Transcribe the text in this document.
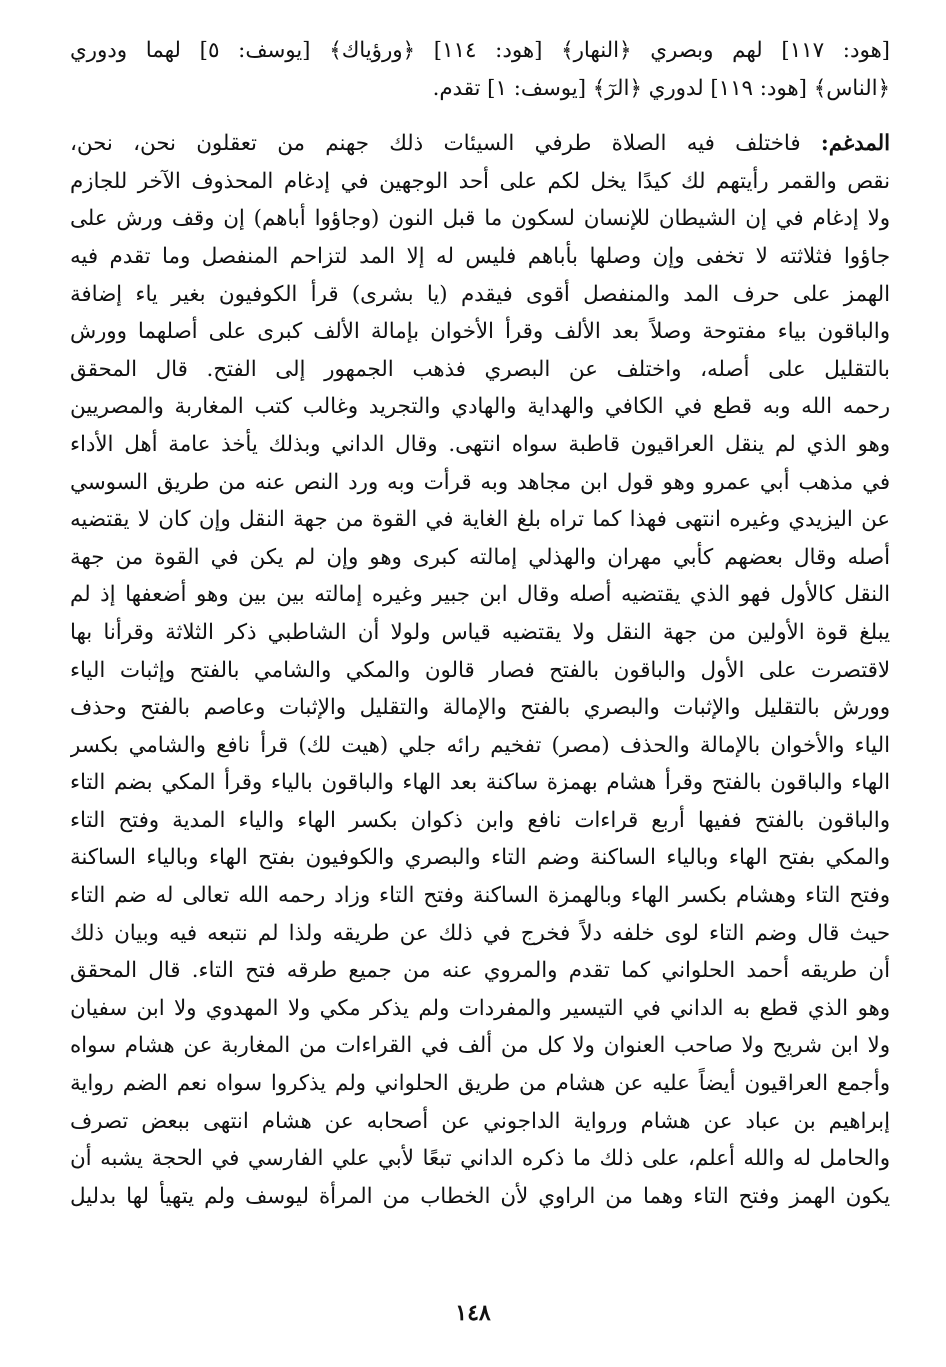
[هود: ١١٧] لهم وبصري ﴿النهار﴾ [هود: ١١٤] ﴿ورؤياك﴾ [يوسف: ٥] لهما ودوري
﴿الناس﴾ [هود: ١١٩] لدوري ﴿الرٓ﴾ [يوسف: ١] تقدم.
المدغم: فاختلف فيه الصلاة طرفي السيئات ذلك جهنم من تعقلون نحن، نحن،
نقص والقمر رأيتهم لك كيدًا يخل لكم على أحد الوجهين في إدغام المحذوف الآخر للجازم
ولا إدغام في إن الشيطان للإنسان لسكون ما قبل النون (وجاؤوا أباهم) إن وقف ورش على
جاؤوا فثلاثته لا تخفى وإن وصلها بأباهم فليس له إلا المد لتزاحم المنفصل وما تقدم فيه
الهمز على حرف المد والمنفصل أقوى فيقدم (يا بشرى) قرأ الكوفيون بغير ياء إضافة
والباقون بياء مفتوحة وصلاً بعد الألف وقرأ الأخوان بإمالة الألف كبرى على أصلهما وورش
بالتقليل على أصله، واختلف عن البصري فذهب الجمهور إلى الفتح. قال المحقق
رحمه الله وبه قطع في الكافي والهداية والهادي والتجريد وغالب كتب المغاربة والمصريين
وهو الذي لم ينقل العراقيون قاطبة سواه انتهى. وقال الداني وبذلك يأخذ عامة أهل الأداء
في مذهب أبي عمرو وهو قول ابن مجاهد وبه قرأت وبه ورد النص عنه من طريق السوسي
عن اليزيدي وغيره انتهى فهذا كما تراه بلغ الغاية في القوة من جهة النقل وإن كان لا يقتضيه
أصله وقال بعضهم كأبي مهران والهذلي إمالته كبرى وهو وإن لم يكن في القوة من جهة
النقل كالأول فهو الذي يقتضيه أصله وقال ابن جبير وغيره إمالته بين بين وهو أضعفها إذ لم
يبلغ قوة الأولين من جهة النقل ولا يقتضيه قياس ولولا أن الشاطبي ذكر الثلاثة وقرأنا بها
لاقتصرت على الأول والباقون بالفتح فصار قالون والمكي والشامي بالفتح وإثبات الياء
وورش بالتقليل والإثبات والبصري بالفتح والإمالة والتقليل والإثبات وعاصم بالفتح وحذف
الياء والأخوان بالإمالة والحذف (مصر) تفخيم رائه جلي (هيت لك) قرأ نافع والشامي بكسر
الهاء والباقون بالفتح وقرأ هشام بهمزة ساكنة بعد الهاء والباقون بالياء وقرأ المكي بضم التاء
والباقون بالفتح ففيها أربع قراءات نافع وابن ذكوان بكسر الهاء والياء المدية وفتح التاء
والمكي بفتح الهاء وبالياء الساكنة وضم التاء والبصري والكوفيون بفتح الهاء وبالياء الساكنة
وفتح التاء وهشام بكسر الهاء وبالهمزة الساكنة وفتح التاء وزاد رحمه الله تعالى له ضم التاء
حيث قال وضم التاء لوى خلفه دلاً فخرج في ذلك عن طريقه ولذا لم نتبعه فيه وبيان ذلك
أن طريقه أحمد الحلواني كما تقدم والمروي عنه من جميع طرقه فتح التاء. قال المحقق
وهو الذي قطع به الداني في التيسير والمفردات ولم يذكر مكي ولا المهدوي ولا ابن سفيان
ولا ابن شريح ولا صاحب العنوان ولا كل من ألف في القراءات من المغاربة عن هشام سواه
وأجمع العراقيون أيضاً عليه عن هشام من طريق الحلواني ولم يذكروا سواه نعم الضم رواية
إبراهيم بن عباد عن هشام ورواية الداجوني عن أصحابه عن هشام انتهى ببعض تصرف
والحامل له والله أعلم، على ذلك ما ذكره الداني تبعًا لأبي علي الفارسي في الحجة يشبه أن
يكون الهمز وفتح التاء وهما من الراوي لأن الخطاب من المرأة ليوسف ولم يتهيأ لها بدليل
١٤٨
